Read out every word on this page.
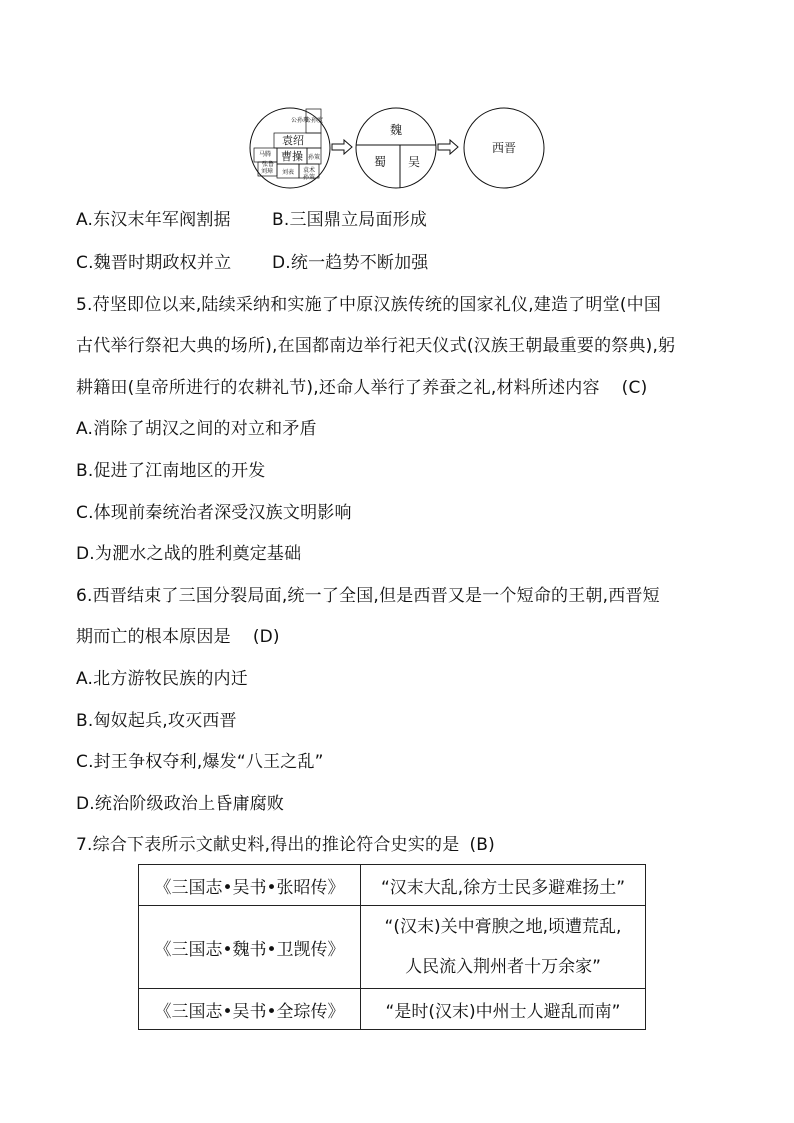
公孙瓒
公孙度
袁绍
马腾
张鲁
曹操 孙策
刘璋 刘表 袁术
孙策
魏
蜀 吴
西晋
A.东汉末年军阀割据 B.三国鼎立局面形成
C.魏晋时期政权并立 D.统一趋势不断加强
5.苻坚即位以来,陆续采纳和实施了中原汉族传统的国家礼仪,建造了明堂(中国
古代举行祭祀大典的场所),在国都南边举行祀天仪式(汉族王朝最重要的祭典),躬
耕籍田(皇帝所进行的农耕礼节),还命人举行了养蚕之礼,材料所述内容 (C)
A.消除了胡汉之间的对立和矛盾
B.促进了江南地区的开发
C.体现前秦统治者深受汉族文明影响
D.为淝水之战的胜利奠定基础
6.西晋结束了三国分裂局面,统一了全国,但是西晋又是一个短命的王朝,西晋短
期而亡的根本原因是 (D)
A.北方游牧民族的内迁
B.匈奴起兵,攻灭西晋
C.封王争权夺利,爆发“八王之乱”
D.统治阶级政治上昏庸腐败
7.综合下表所示文献史料,得出的推论符合史实的是 (B)
《三国志•吴书•张昭传》	“汉末大乱,徐方士民多避难扬土”
《三国志•魏书•卫觊传》	“(汉末)关中膏腴之地,顷遭荒乱,
人民流入荆州者十万余家”

《三国志•吴书•全琮传》	“是时(汉末)中州士人避乱而南”
